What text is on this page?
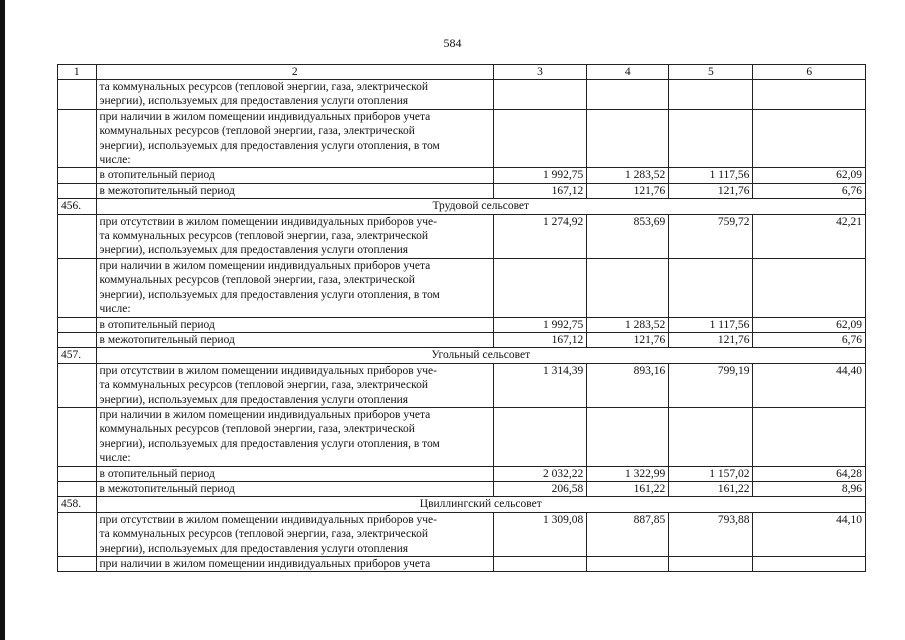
584
1	2	3	4	5	6

	та коммунальных ресурсов (тепловой энергии, газа, электрической
энергии), используемых для предоставления услуги отопления				

	при наличии в жилом помещении индивидуальных приборов учета
коммунальных ресурсов (тепловой энергии, газа, электрической
энергии), используемых для предоставления услуги отопления, в том
числе:				

	в отопительный период	1 992,75	1 283,52	1 117,56	62,09

	в межотопительный период	167,12	121,76	121,76	6,76
456.	Трудовой сельсовет				

	при отсутствии в жилом помещении индивидуальных приборов уче-
та коммунальных ресурсов (тепловой энергии, газа, электрической
энергии), используемых для предоставления услуги отопления	1 274,92	853,69	759,72	42,21

	при наличии в жилом помещении индивидуальных приборов учета
коммунальных ресурсов (тепловой энергии, газа, электрической
энергии), используемых для предоставления услуги отопления, в том
числе:				

	в отопительный период	1 992,75	1 283,52	1 117,56	62,09

	в межотопительный период	167,12	121,76	121,76	6,76
457.	Угольный сельсовет				

	при отсутствии в жилом помещении индивидуальных приборов уче-
та коммунальных ресурсов (тепловой энергии, газа, электрической
энергии), используемых для предоставления услуги отопления	1 314,39	893,16	799,19	44,40

	при наличии в жилом помещении индивидуальных приборов учета
коммунальных ресурсов (тепловой энергии, газа, электрической
энергии), используемых для предоставления услуги отопления, в том
числе:				

	в отопительный период	2 032,22	1 322,99	1 157,02	64,28

	в межотопительный период	206,58	161,22	161,22	8,96
458.	Цвиллингский сельсовет				

	при отсутствии в жилом помещении индивидуальных приборов уче-
та коммунальных ресурсов (тепловой энергии, газа, электрической
энергии), используемых для предоставления услуги отопления	1 309,08	887,85	793,88	44,10

	при наличии в жилом помещении индивидуальных приборов учета				
